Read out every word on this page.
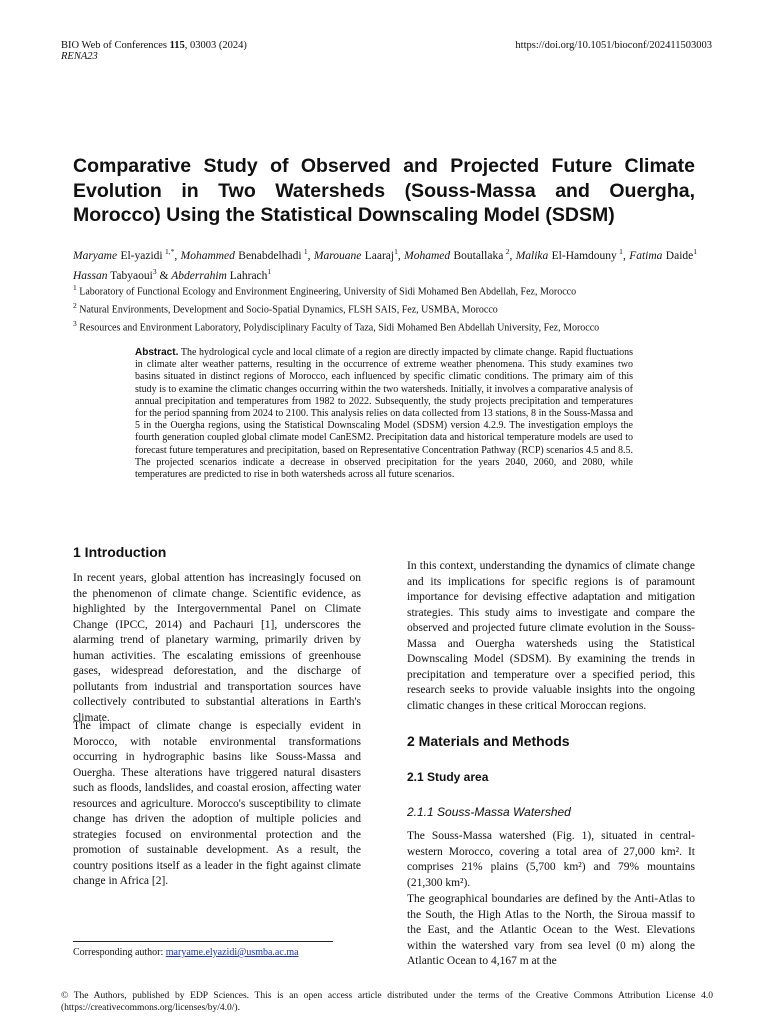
BIO Web of Conferences 115, 03003 (2024)
RENA23
https://doi.org/10.1051/bioconf/202411503003
Comparative Study of Observed and Projected Future Climate Evolution in Two Watersheds (Souss-Massa and Ouergha, Morocco) Using the Statistical Downscaling Model (SDSM)
Maryame El-yazidi $^{1,*}$, Mohammed Benabdelhadi $^1$, Marouane Laaraj$^1$, Mohamed Boutallaka $^2$, Malika El-Hamdouny $^1$, Fatima Daide$^1$ Hassan Tabyaoui$^3$ & Abderrahim Lahrach$^1$
$^1$ Laboratory of Functional Ecology and Environment Engineering, University of Sidi Mohamed Ben Abdellah, Fez, Morocco
$^2$ Natural Environments, Development and Socio-Spatial Dynamics, FLSH SAIS, Fez, USMBA, Morocco
$^3$ Resources and Environment Laboratory, Polydisciplinary Faculty of Taza, Sidi Mohamed Ben Abdellah University, Fez, Morocco
Abstract. The hydrological cycle and local climate of a region are directly impacted by climate change. Rapid fluctuations in climate alter weather patterns, resulting in the occurrence of extreme weather phenomena. This study examines two basins situated in distinct regions of Morocco, each influenced by specific climatic conditions. The primary aim of this study is to examine the climatic changes occurring within the two watersheds. Initially, it involves a comparative analysis of annual precipitation and temperatures from 1982 to 2022. Subsequently, the study projects precipitation and temperatures for the period spanning from 2024 to 2100. This analysis relies on data collected from 13 stations, 8 in the Souss-Massa and 5 in the Ouergha regions, using the Statistical Downscaling Model (SDSM) version 4.2.9. The investigation employs the fourth generation coupled global climate model CanESM2. Precipitation data and historical temperature models are used to forecast future temperatures and precipitation, based on Representative Concentration Pathway (RCP) scenarios 4.5 and 8.5. The projected scenarios indicate a decrease in observed precipitation for the years 2040, 2060, and 2080, while temperatures are predicted to rise in both watersheds across all future scenarios.
1 Introduction
In recent years, global attention has increasingly focused on the phenomenon of climate change. Scientific evidence, as highlighted by the Intergovernmental Panel on Climate Change (IPCC, 2014) and Pachauri [1], underscores the alarming trend of planetary warming, primarily driven by human activities. The escalating emissions of greenhouse gases, widespread deforestation, and the discharge of pollutants from industrial and transportation sources have collectively contributed to substantial alterations in Earth's climate.
The impact of climate change is especially evident in Morocco, with notable environmental transformations occurring in hydrographic basins like Souss-Massa and Ouergha. These alterations have triggered natural disasters such as floods, landslides, and coastal erosion, affecting water resources and agriculture. Morocco's susceptibility to climate change has driven the adoption of multiple policies and strategies focused on environmental protection and the promotion of sustainable development. As a result, the country positions itself as a leader in the fight against climate change in Africa [2].
In this context, understanding the dynamics of climate change and its implications for specific regions is of paramount importance for devising effective adaptation and mitigation strategies. This study aims to investigate and compare the observed and projected future climate evolution in the Souss-Massa and Ouergha watersheds using the Statistical Downscaling Model (SDSM). By examining the trends in precipitation and temperature over a specified period, this research seeks to provide valuable insights into the ongoing climatic changes in these critical Moroccan regions.
2 Materials and Methods
2.1 Study area
2.1.1 Souss-Massa Watershed
The Souss-Massa watershed (Fig. 1), situated in central-western Morocco, covering a total area of 27,000 km². It comprises 21% plains (5,700 km²) and 79% mountains (21,300 km²).
The geographical boundaries are defined by the Anti-Atlas to the South, the High Atlas to the North, the Siroua massif to the East, and the Atlantic Ocean to the West. Elevations within the watershed vary from sea level (0 m) along the Atlantic Ocean to 4,167 m at the
Corresponding author: maryame.elyazidi@usmba.ac.ma
© The Authors, published by EDP Sciences. This is an open access article distributed under the terms of the Creative Commons Attribution License 4.0 (https://creativecommons.org/licenses/by/4.0/).
